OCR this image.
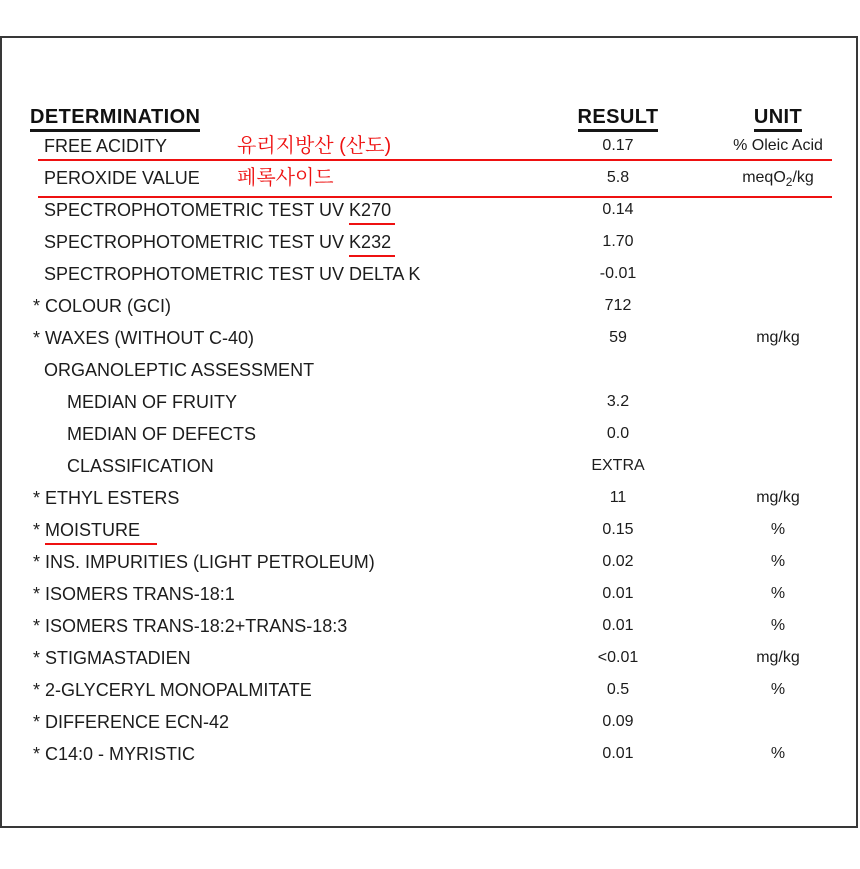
DETERMINATION	RESULT	UNIT
FREE ACIDITY	유리지방산 (산도)	0.17	% Oleic Acid
PEROXIDE VALUE 페록사이드	5.8	meqO$_2$/kg
SPECTROPHOTOMETRIC TEST UV K270	0.14
SPECTROPHOTOMETRIC TEST UV K232	1.70
SPECTROPHOTOMETRIC TEST UV DELTA K	-0.01
* COLOUR (GCI)	712
* WAXES (WITHOUT C-40)	59	mg/kg
ORGANOLEPTIC ASSESSMENT
MEDIAN OF FRUITY	3.2
MEDIAN OF DEFECTS	0.0
CLASSIFICATION	EXTRA
* ETHYL ESTERS	11	mg/kg
* MOISTURE	0.15	%
* INS. IMPURITIES (LIGHT PETROLEUM)	0.02	%
* ISOMERS TRANS-18:1	0.01	%
* ISOMERS TRANS-18:2+TRANS-18:3	0.01	%
* STIGMASTADIEN	<0.01	mg/kg
* 2-GLYCERYL MONOPALMITATE	0.5	%
* DIFFERENCE ECN-42	0.09
* C14:0 - MYRISTIC	0.01	%
